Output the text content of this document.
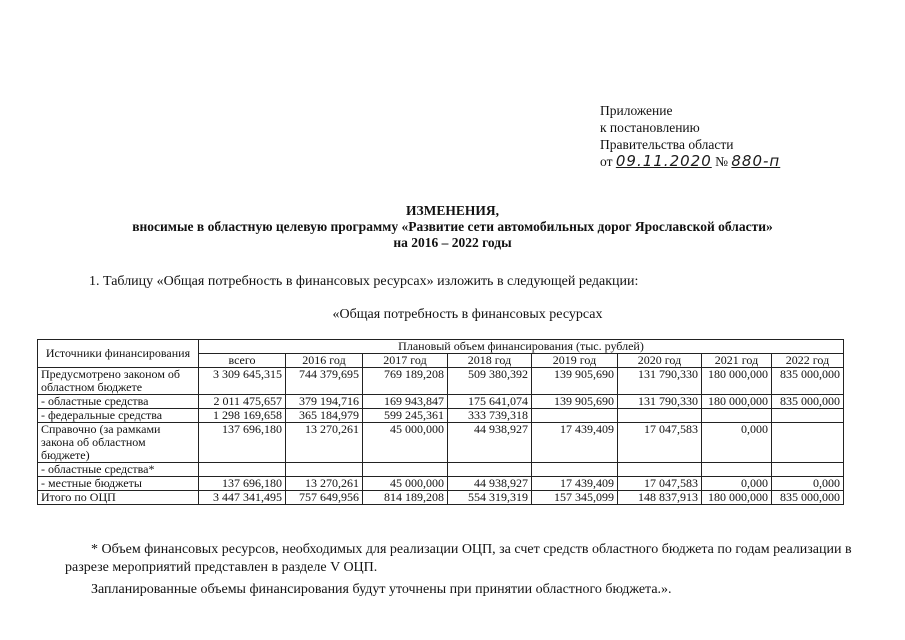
Приложение
к постановлению
Правительства области
от 09.11.2020 № 880-п
ИЗМЕНЕНИЯ,
вносимые в областную целевую программу «Развитие сети автомобильных дорог Ярославской области»
на 2016 – 2022 годы
1. Таблицу «Общая потребность в финансовых ресурсах» изложить в следующей редакции:
«Общая потребность в финансовых ресурсах
Источники финансирования	Плановый объем финансирования (тыс. рублей)							
	всего	2016 год	2017 год	2018 год	2019 год	2020 год	2021 год	2022 год
Предусмотрено законом об областном бюджете	3 309 645,315	744 379,695	769 189,208	509 380,392	139 905,690	131 790,330	180 000,000	835 000,000
- областные средства	2 011 475,657	379 194,716	169 943,847	175 641,074	139 905,690	131 790,330	180 000,000	835 000,000
- федеральные средства	1 298 169,658	365 184,979	599 245,361	333 739,318				
Справочно (за рамками закона об областном бюджете)	137 696,180	13 270,261	45 000,000	44 938,927	17 439,409	17 047,583	0,000	
- областные средства*								
- местные бюджеты	137 696,180	13 270,261	45 000,000	44 938,927	17 439,409	17 047,583	0,000	0,000
Итого по ОЦП	3 447 341,495	757 649,956	814 189,208	554 319,319	157 345,099	148 837,913	180 000,000	835 000,000
* Объем финансовых ресурсов, необходимых для реализации ОЦП, за счет средств областного бюджета по годам реализации в разрезе мероприятий представлен в разделе V ОЦП.
Запланированные объемы финансирования будут уточнены при принятии областного бюджета.».
